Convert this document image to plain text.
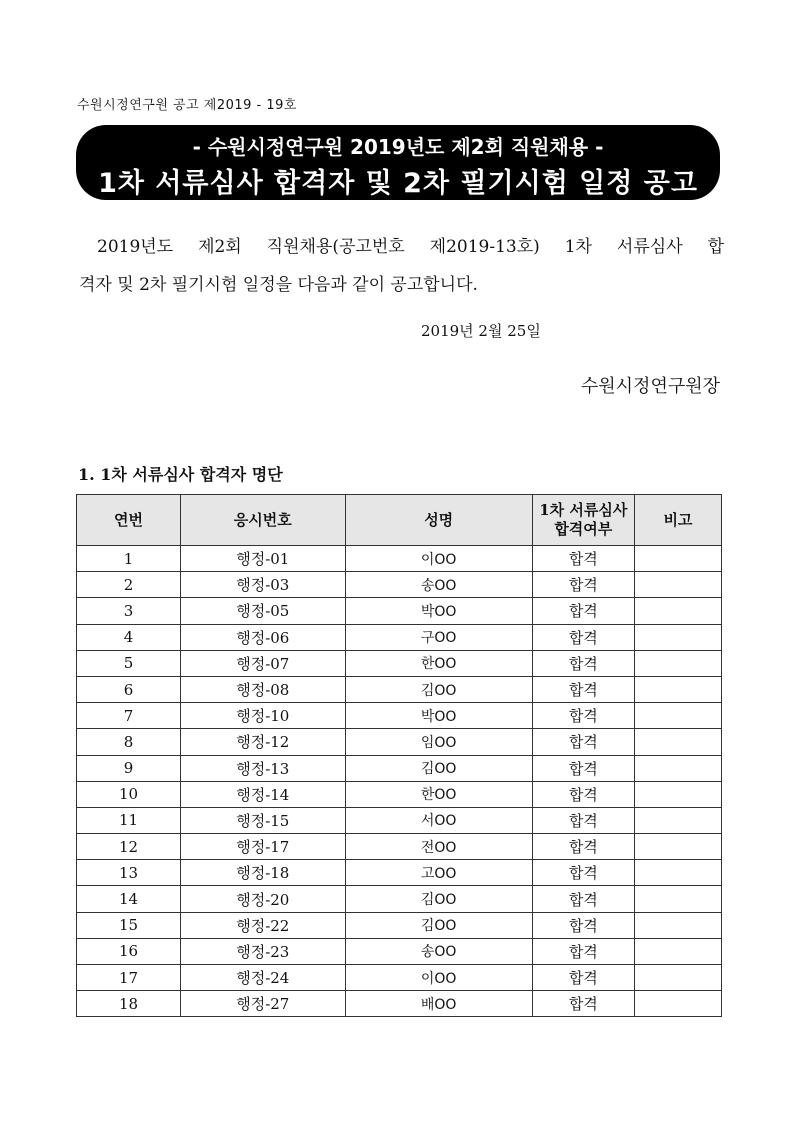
수원시정연구원 공고 제2019 - 19호
- 수원시정연구원 2019년도 제2회 직원채용 -
1차 서류심사 합격자 및 2차 필기시험 일정 공고
2019년도 제2회 직원채용(공고번호 제2019-13호) 1차 서류심사 합
격자 및 2차 필기시험 일정을 다음과 같이 공고합니다.
2019년 2월 25일
수원시정연구원장
1. 1차 서류심사 합격자 명단
연번	응시번호	성명	1차 서류심사
합격여부	비고
1	행정-01	이OO	합격	
2	행정-03	송OO	합격	
3	행정-05	박OO	합격	
4	행정-06	구OO	합격	
5	행정-07	한OO	합격	
6	행정-08	김OO	합격	
7	행정-10	박OO	합격	
8	행정-12	임OO	합격	
9	행정-13	김OO	합격	
10	행정-14	한OO	합격	
11	행정-15	서OO	합격	
12	행정-17	전OO	합격	
13	행정-18	고OO	합격	
14	행정-20	김OO	합격	
15	행정-22	김OO	합격	
16	행정-23	송OO	합격	
17	행정-24	이OO	합격	
18	행정-27	배OO	합격	
